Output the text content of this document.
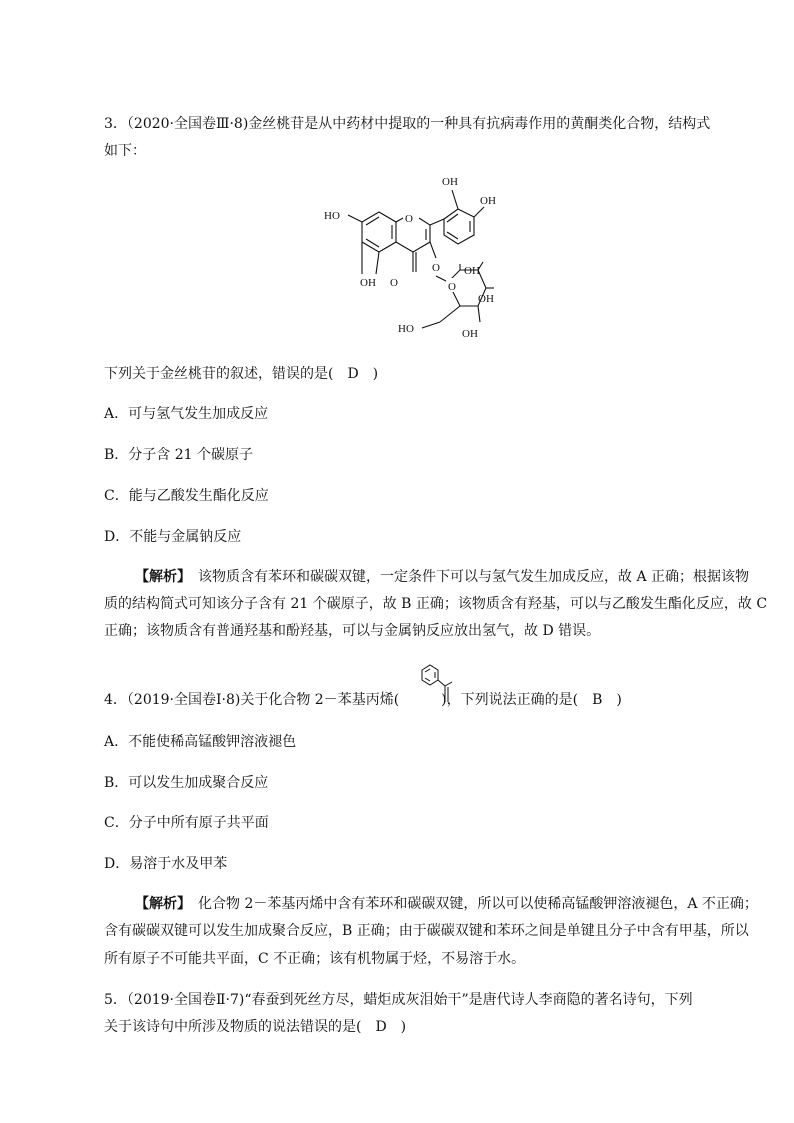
3．（2020·全国卷Ⅲ·8)金丝桃苷是从中药材中提取的一种具有抗病毒作用的黄酮类化合物，结构式
如下：
OH
OH
HO	O
O
OH O
OH
O
OH
HO	OH
下列关于金丝桃苷的叙述，错误的是(　D　)
A．可与氢气发生加成反应
B．分子含 21 个碳原子
C．能与乙酸发生酯化反应
D．不能与金属钠反应
【解析】　该物质含有苯环和碳碳双键，一定条件下可以与氢气发生加成反应，故 A 正确；根据该物
质的结构简式可知该分子含有 21 个碳原子，故 B 正确；该物质含有羟基，可以与乙酸发生酯化反应，故 C
正确；该物质含有普通羟基和酚羟基，可以与金属钠反应放出氢气，故 D 错误。
4．（2019·全国卷Ⅰ·8)关于化合物 2－苯基丙烯(	)，下列说法正确的是(　B　)
A．不能使稀高锰酸钾溶液褪色
B．可以发生加成聚合反应
C．分子中所有原子共平面
D．易溶于水及甲苯
【解析】　化合物 2－苯基丙烯中含有苯环和碳碳双键，所以可以使稀高锰酸钾溶液褪色，A 不正确；
含有碳碳双键可以发生加成聚合反应，B 正确；由于碳碳双键和苯环之间是单键且分子中含有甲基，所以
所有原子不可能共平面，C 不正确；该有机物属于烃，不易溶于水。
5．（2019·全国卷Ⅱ·7)“春蚕到死丝方尽，蜡炬成灰泪始干”是唐代诗人李商隐的著名诗句，下列
关于该诗句中所涉及物质的说法错误的是(　D　)
